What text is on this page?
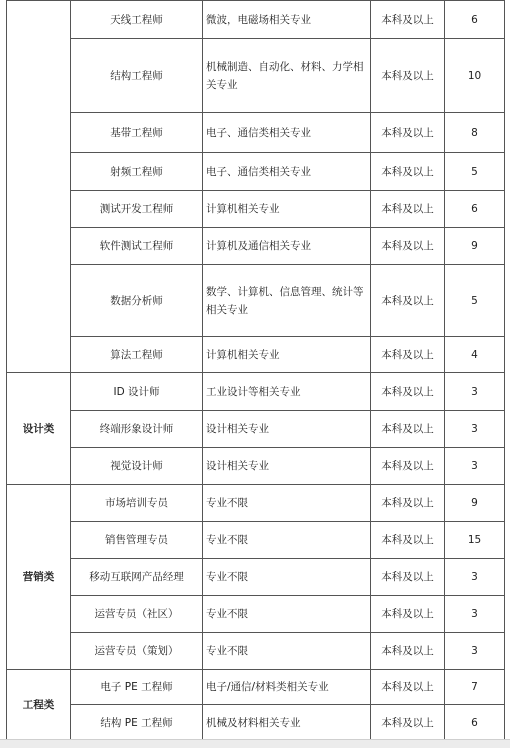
	天线工程师	微波，电磁场相关专业	本科及以上	6
	结构工程师	机械制造、自动化、材料、力学相关专业	本科及以上	10
	基带工程师	电子、通信类相关专业	本科及以上	8
	射频工程师	电子、通信类相关专业	本科及以上	5
	测试开发工程师	计算机相关专业	本科及以上	6
	软件测试工程师	计算机及通信相关专业	本科及以上	9
	数据分析师	数学、计算机、信息管理、统计等相关专业	本科及以上	5
	算法工程师	计算机相关专业	本科及以上	4
设计类	ID 设计师	工业设计等相关专业	本科及以上	3
	终端形象设计师	设计相关专业	本科及以上	3
	视觉设计师	设计相关专业	本科及以上	3
营销类	市场培训专员	专业不限	本科及以上	9
	销售管理专员	专业不限	本科及以上	15
	移动互联网产品经理	专业不限	本科及以上	3
	运营专员（社区）	专业不限	本科及以上	3
	运营专员（策划）	专业不限	本科及以上	3
工程类	电子 PE 工程师	电子/通信/材料类相关专业	本科及以上	7
	结构 PE 工程师	机械及材料相关专业	本科及以上	6
